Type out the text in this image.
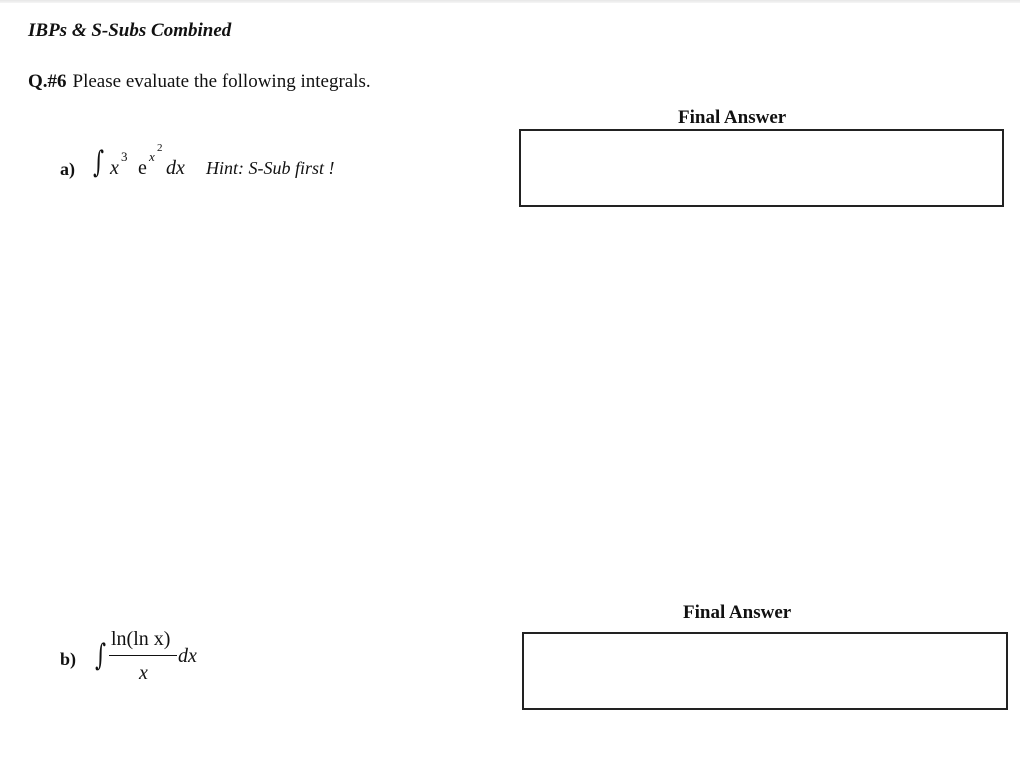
IBPs & S-Subs Combined
Q.#6 Please evaluate the following integrals.
Final Answer
a) ∫ x
3
e
x
2
dx Hint: S-Sub first !
Final Answer
b) ∫ ln(ln x)
x
dx
